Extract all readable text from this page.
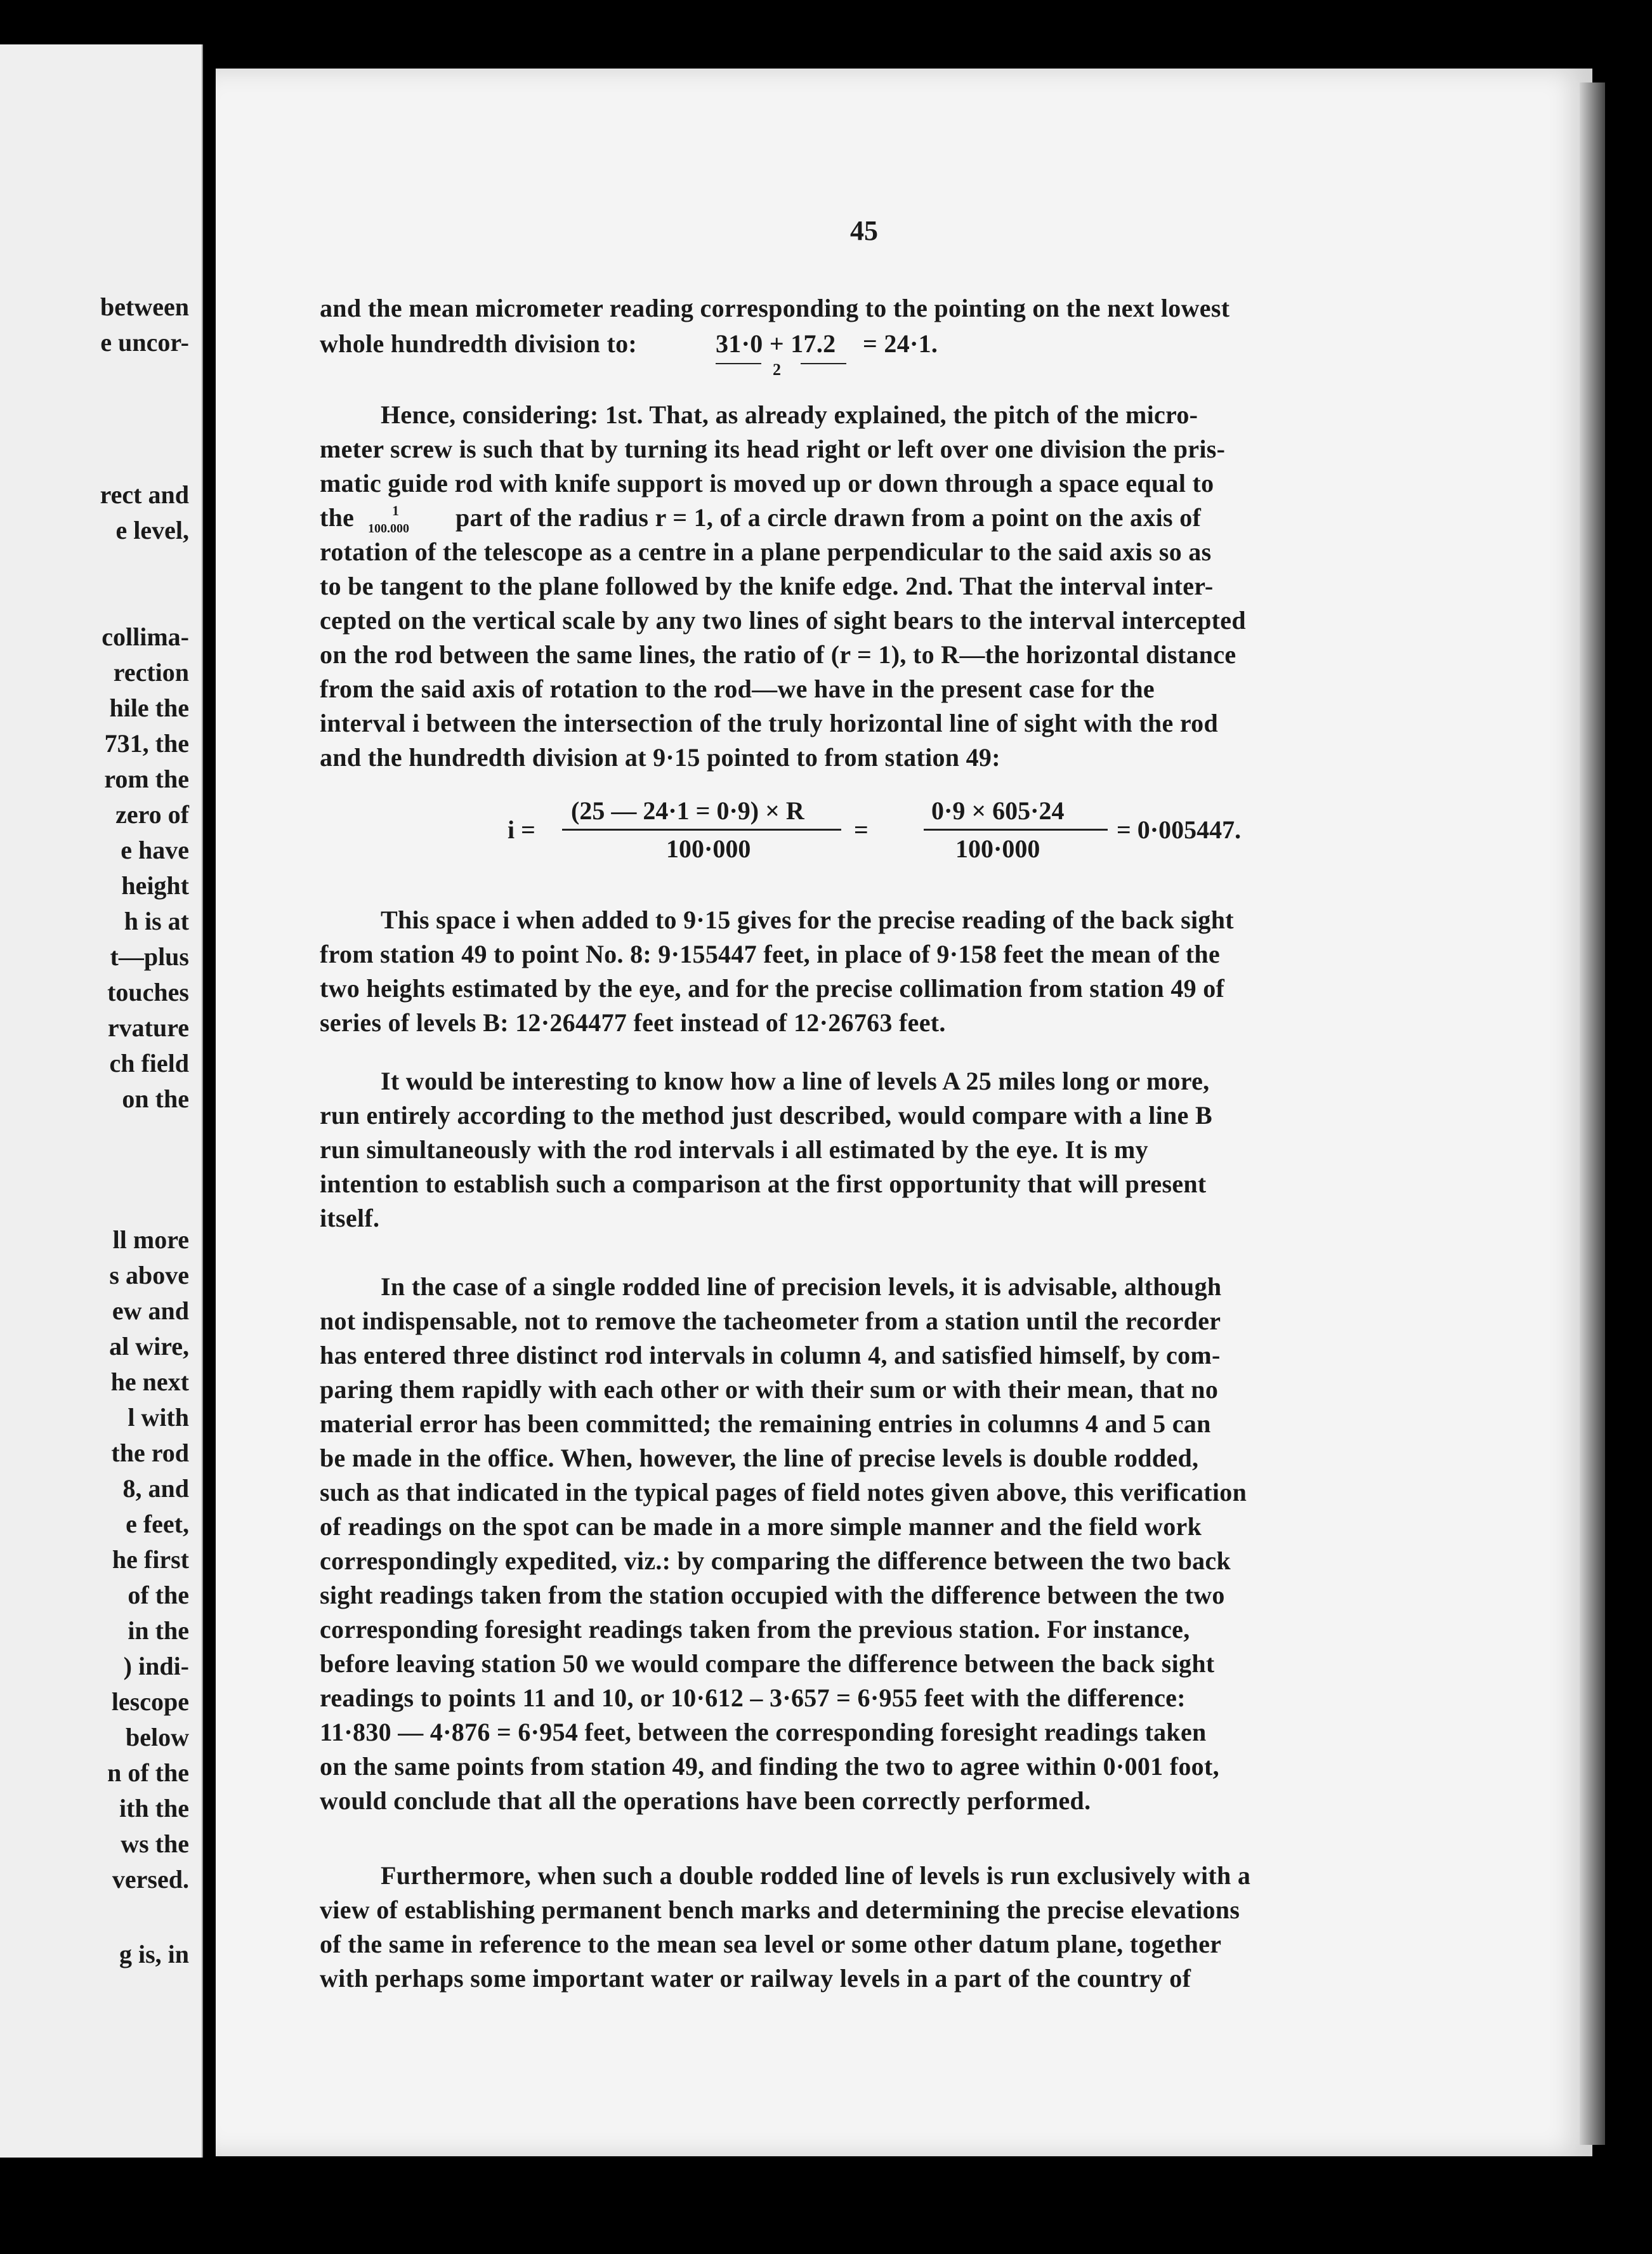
between
e uncor-
rect and
e level,
collima-
rection
hile the
731, the
rom the
zero of
e have
height
h is at
t—plus
touches
rvature
ch field
on the
ll more
s above
ew and
al wire,
he next
l with
the rod
8, and
e feet,
he first
of the
in the
) indi-
lescope
below
n of the
ith the
ws the
versed.
g is, in
45
and the mean micrometer reading corresponding to the pointing on the next lowest
whole hundredth division to:	31·0 + 17.2 = 24·1.
2
Hence, considering: 1st. That, as already explained, the pitch of the micro-
meter screw is such that by turning its head right or left over one division the pris-
matic guide rod with knife support is moved up or down through a space equal to
the	1
100.000 part of the radius r = 1, of a circle drawn from a point on the axis of
rotation of the telescope as a centre in a plane perpendicular to the said axis so as
to be tangent to the plane followed by the knife edge. 2nd. That the interval inter-
cepted on the vertical scale by any two lines of sight bears to the interval intercepted
on the rod between the same lines, the ratio of (r = 1), to R—the horizontal distance
from the said axis of rotation to the rod—we have in the present case for the
interval i between the intersection of the truly horizontal line of sight with the rod
and the hundredth division at 9·15 pointed to from station 49:
i =
(25 — 24·1 = 0·9) × R
100·000
=
0·9 × 605·24
100·000
= 0·005447.
This space i when added to 9·15 gives for the precise reading of the back sight
from station 49 to point No. 8: 9·155447 feet, in place of 9·158 feet the mean of the
two heights estimated by the eye, and for the precise collimation from station 49 of
series of levels B: 12·264477 feet instead of 12·26763 feet.
It would be interesting to know how a line of levels A 25 miles long or more,
run entirely according to the method just described, would compare with a line B
run simultaneously with the rod intervals i all estimated by the eye. It is my
intention to establish such a comparison at the first opportunity that will present
itself.
In the case of a single rodded line of precision levels, it is advisable, although
not indispensable, not to remove the tacheometer from a station until the recorder
has entered three distinct rod intervals in column 4, and satisfied himself, by com-
paring them rapidly with each other or with their sum or with their mean, that no
material error has been committed; the remaining entries in columns 4 and 5 can
be made in the office. When, however, the line of precise levels is double rodded,
such as that indicated in the typical pages of field notes given above, this verification
of readings on the spot can be made in a more simple manner and the field work
correspondingly expedited, viz.: by comparing the difference between the two back
sight readings taken from the station occupied with the difference between the two
corresponding foresight readings taken from the previous station. For instance,
before leaving station 50 we would compare the difference between the back sight
readings to points 11 and 10, or 10·612 – 3·657 = 6·955 feet with the difference:
11·830 — 4·876 = 6·954 feet, between the corresponding foresight readings taken
on the same points from station 49, and finding the two to agree within 0·001 foot,
would conclude that all the operations have been correctly performed.
Furthermore, when such a double rodded line of levels is run exclusively with a
view of establishing permanent bench marks and determining the precise elevations
of the same in reference to the mean sea level or some other datum plane, together
with perhaps some important water or railway levels in a part of the country of
